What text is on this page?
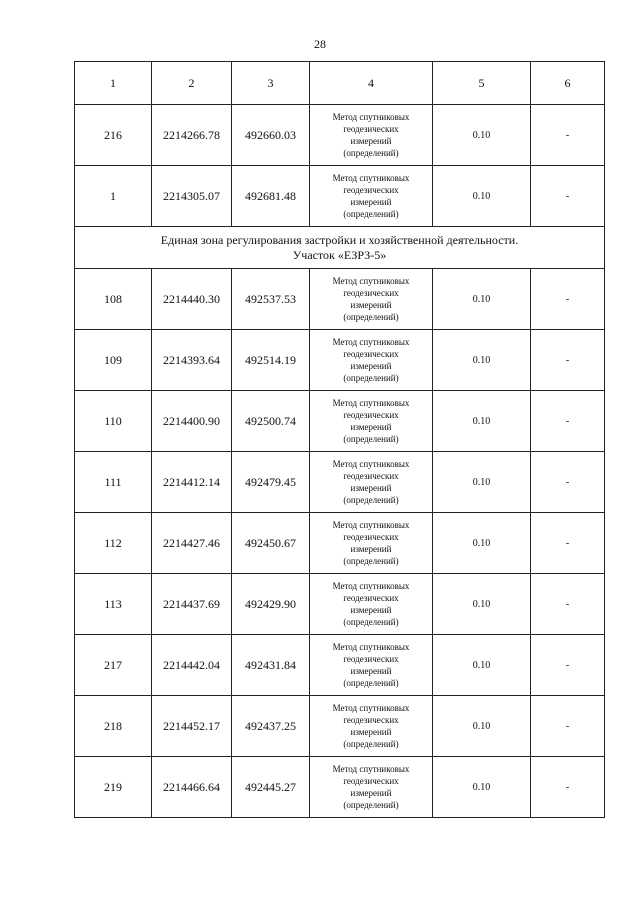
28
1	2	3	4	5	6
216	2214266.78	492660.03	Метод спутниковых
геодезических
измерений
(определений)	0.10	-
1	2214305.07	492681.48	Метод спутниковых
геодезических
измерений
(определений)	0.10	-
Единая зона регулирования застройки и хозяйственной деятельности.
Участок «ЕЗРЗ-5»					
108	2214440.30	492537.53	Метод спутниковых
геодезических
измерений
(определений)	0.10	-
109	2214393.64	492514.19	Метод спутниковых
геодезических
измерений
(определений)	0.10	-
110	2214400.90	492500.74	Метод спутниковых
геодезических
измерений
(определений)	0.10	-
111	2214412.14	492479.45	Метод спутниковых
геодезических
измерений
(определений)	0.10	-
112	2214427.46	492450.67	Метод спутниковых
геодезических
измерений
(определений)	0.10	-
113	2214437.69	492429.90	Метод спутниковых
геодезических
измерений
(определений)	0.10	-
217	2214442.04	492431.84	Метод спутниковых
геодезических
измерений
(определений)	0.10	-
218	2214452.17	492437.25	Метод спутниковых
геодезических
измерений
(определений)	0.10	-
219	2214466.64	492445.27	Метод спутниковых
геодезических
измерений
(определений)	0.10	-
